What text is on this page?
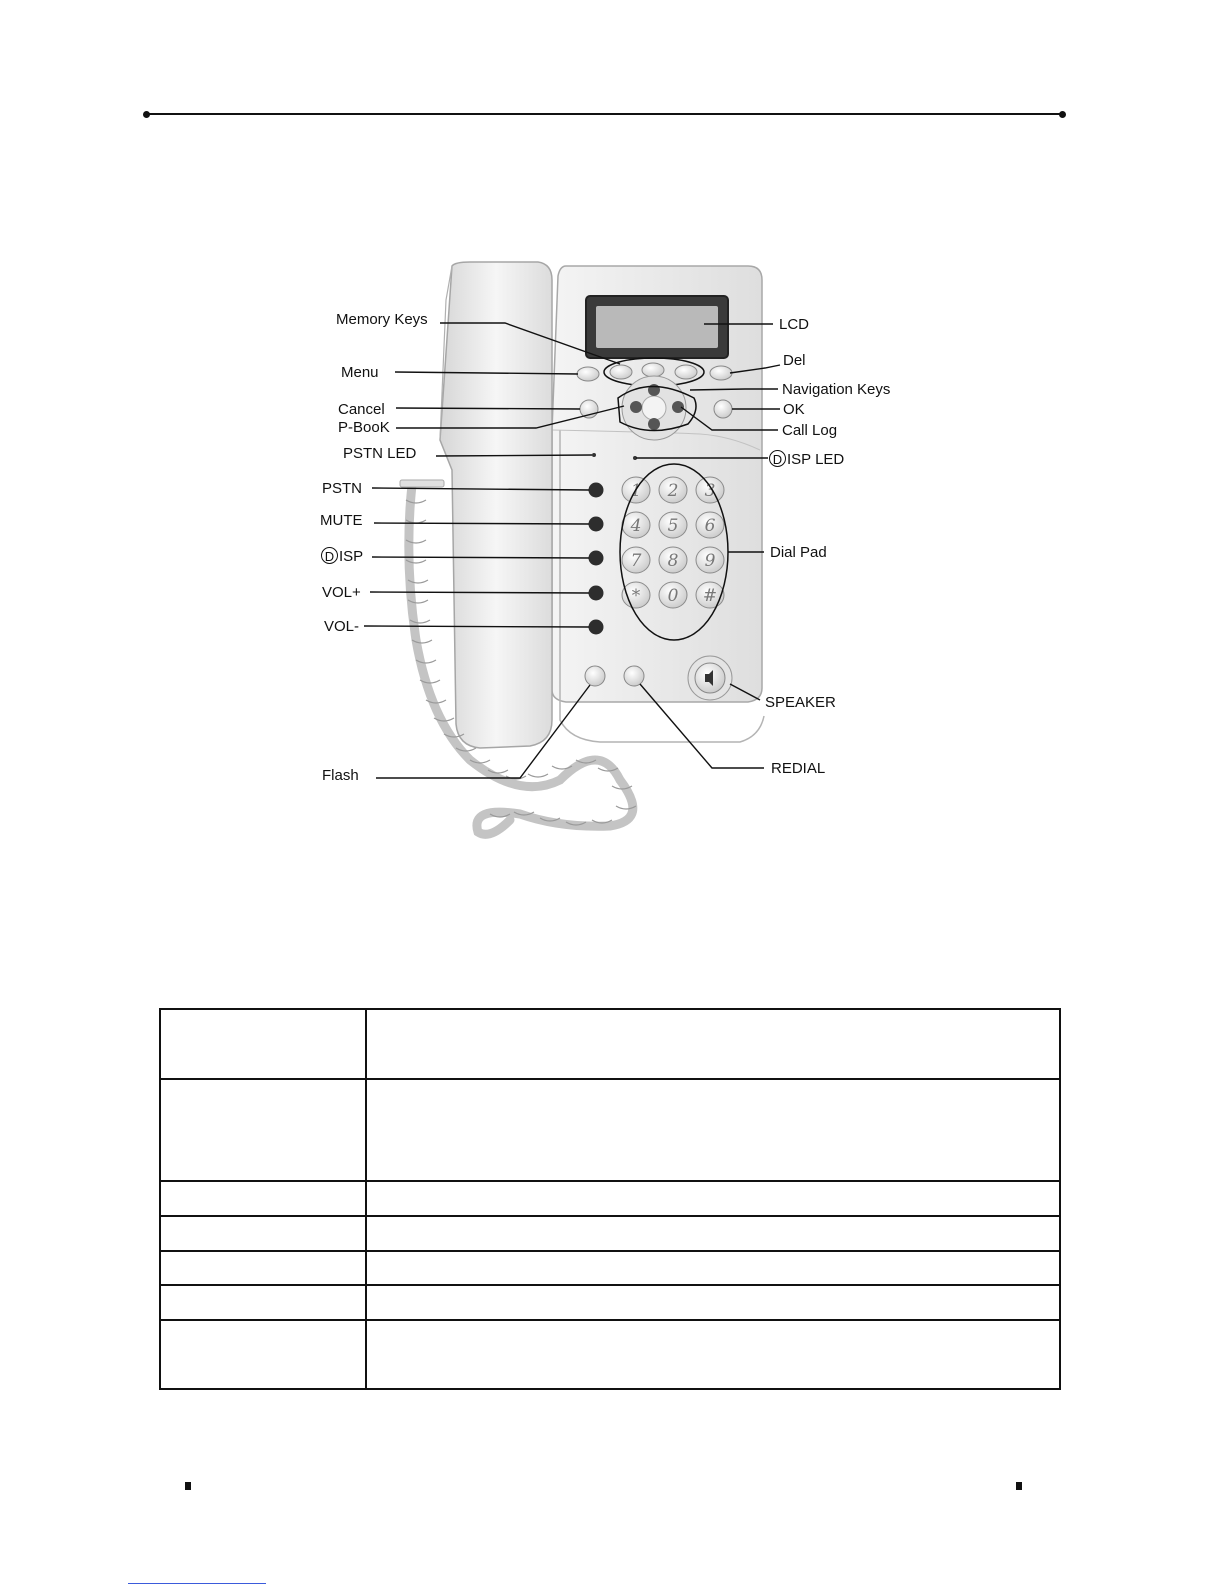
1 2 3
4 5 6
7 8 9
* 0 #
Memory Keys
Menu
Cancel
P-BooK
PSTN LED
PSTN
MUTE
D ISP
VOL+
VOL-
Flash
LCD
Del
Navigation Keys
OK
Call Log
D ISP LED
Dial Pad
SPEAKER
REDIAL
